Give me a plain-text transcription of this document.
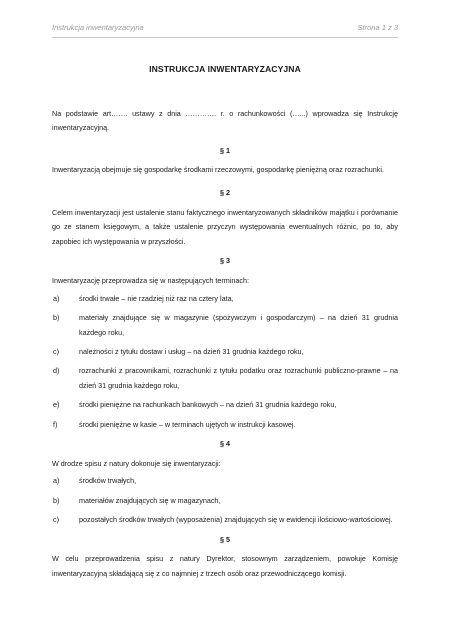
Instrukcja inwentaryzacyjna	Strona 1 z 3
INSTRUKCJA INWENTARYZACYJNA

Na podstawie art……. ustawy z dnia …………. r. o rachunkowości (…...) wprowadza się Instrukcję inwentaryzacyjną.

§ 1

Inwentaryzacją obejmuje się gospodarkę środkami rzeczowymi, gospodarkę pieniężną oraz rozrachunki.

§ 2

Celem inwentaryzacji jest ustalenie stanu faktycznego inwentaryzowanych składników majątku i porównanie go ze stanem księgowym, a także ustalenie przyczyn występowania ewentualnych różnic, po to, aby zapobiec ich występowania w przyszłości.

§ 3

Inwentaryzację przeprowadza się w następujących terminach:

a)	środki trwałe – nie rzadziej niż raz na cztery lata,
b)	materiały znajdujące się w magazynie (spożywczym i gospodarczym) – na dzień 31 grudnia każdego roku,
c)	należności z tytułu dostaw i usług – na dzień 31 grudnia każdego roku,
d)	rozrachunki z pracownikami, rozrachunki z tytułu podatku oraz rozrachunki publiczno-prawne – na dzień 31 grudnia każdego roku,
e)	środki pieniężne na rachunkach bankowych – na dzień 31 grudnia każdego roku,
f)	środki pieniężne w kasie – w terminach ujętych w instrukcji kasowej.
§ 4

W drodze spisu z natury dokonuje się inwentaryzacji:

a)	środków trwałych,
b)	materiałów znajdujących się w magazynach,
c)	pozostałych środków trwałych (wyposażenia) znajdujących się w ewidencji ilościowo-wartościowej.
§ 5

W celu przeprowadzenia spisu z natury Dyrektor, stosownym zarządzeniem, powołuje Komisję inwentaryzacyjną składającą się z co najmniej z trzech osób oraz przewodniczącego komisji.
